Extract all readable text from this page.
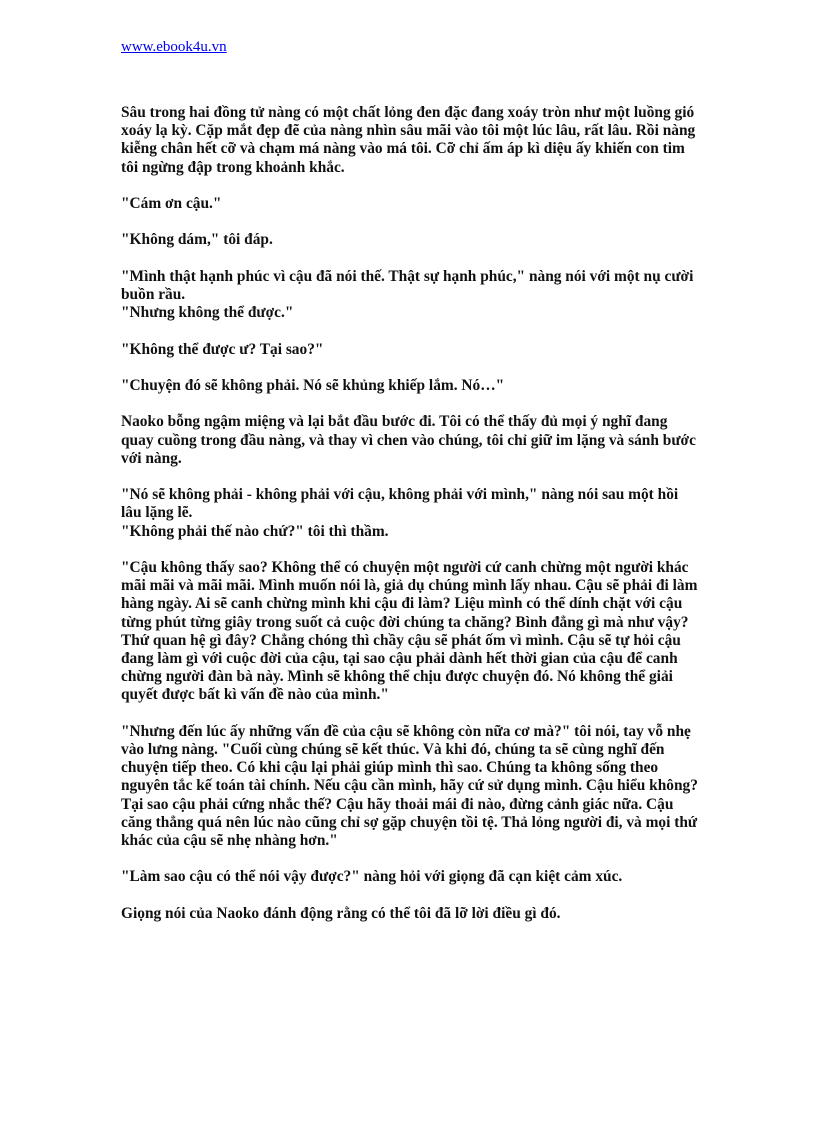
www.ebook4u.vn

Sâu trong hai đồng tử nàng có một chất lỏng đen đặc đang xoáy tròn như một luồng gió xoáy lạ kỳ. Cặp mắt đẹp đẽ của nàng nhìn sâu mãi vào tôi một lúc lâu, rất lâu. Rồi nàng kiễng chân hết cỡ và chạm má nàng vào má tôi. Cỡ chỉ ấm áp kì diệu ấy khiến con tim tôi ngừng đập trong khoảnh khắc.

"Cám ơn cậu."

"Không dám," tôi đáp.

"Mình thật hạnh phúc vì cậu đã nói thế. Thật sự hạnh phúc," nàng nói với một nụ cười buồn rầu.

"Nhưng không thể được."

"Không thể được ư? Tại sao?"

"Chuyện đó sẽ không phải. Nó sẽ khủng khiếp lắm. Nó…"

Naoko bỗng ngậm miệng và lại bắt đầu bước đi. Tôi có thể thấy đủ mọi ý nghĩ đang quay cuồng trong đầu nàng, và thay vì chen vào chúng, tôi chỉ giữ im lặng và sánh bước với nàng.

"Nó sẽ không phải - không phải với cậu, không phải với mình," nàng nói sau một hồi lâu lặng lẽ.

"Không phải thế nào chứ?" tôi thì thầm.

"Cậu không thấy sao? Không thể có chuyện một người cứ canh chừng một người khác mãi mãi và mãi mãi. Mình muốn nói là, giả dụ chúng mình lấy nhau. Cậu sẽ phải đi làm hàng ngày. Ai sẽ canh chừng mình khi cậu đi làm? Liệu mình có thể dính chặt với cậu từng phút từng giây trong suốt cả cuộc đời chúng ta chăng? Bình đẳng gì mà như vậy? Thứ quan hệ gì đây? Chẳng chóng thì chầy cậu sẽ phát ốm vì mình. Cậu sẽ tự hỏi cậu đang làm gì với cuộc đời của cậu, tại sao cậu phải dành hết thời gian của cậu để canh chừng người đàn bà này. Mình sẽ không thể chịu được chuyện đó. Nó không thể giải quyết được bất kì vấn đề nào của mình."

"Nhưng đến lúc ấy những vấn đề của cậu sẽ không còn nữa cơ mà?" tôi nói, tay vỗ nhẹ vào lưng nàng. "Cuối cùng chúng sẽ kết thúc. Và khi đó, chúng ta sẽ cùng nghĩ đến chuyện tiếp theo. Có khi cậu lại phải giúp mình thì sao. Chúng ta không sống theo nguyên tắc kế toán tài chính. Nếu cậu cần mình, hãy cứ sử dụng mình. Cậu hiểu không? Tại sao cậu phải cứng nhắc thế? Cậu hãy thoải mái đi nào, đừng cảnh giác nữa. Cậu căng thẳng quá nên lúc nào cũng chỉ sợ gặp chuyện tồi tệ. Thả lỏng người đi, và mọi thứ khác của cậu sẽ nhẹ nhàng hơn."

"Làm sao cậu có thể nói vậy được?" nàng hỏi với giọng đã cạn kiệt cảm xúc.

Giọng nói của Naoko đánh động rằng có thể tôi đã lỡ lời điều gì đó.
